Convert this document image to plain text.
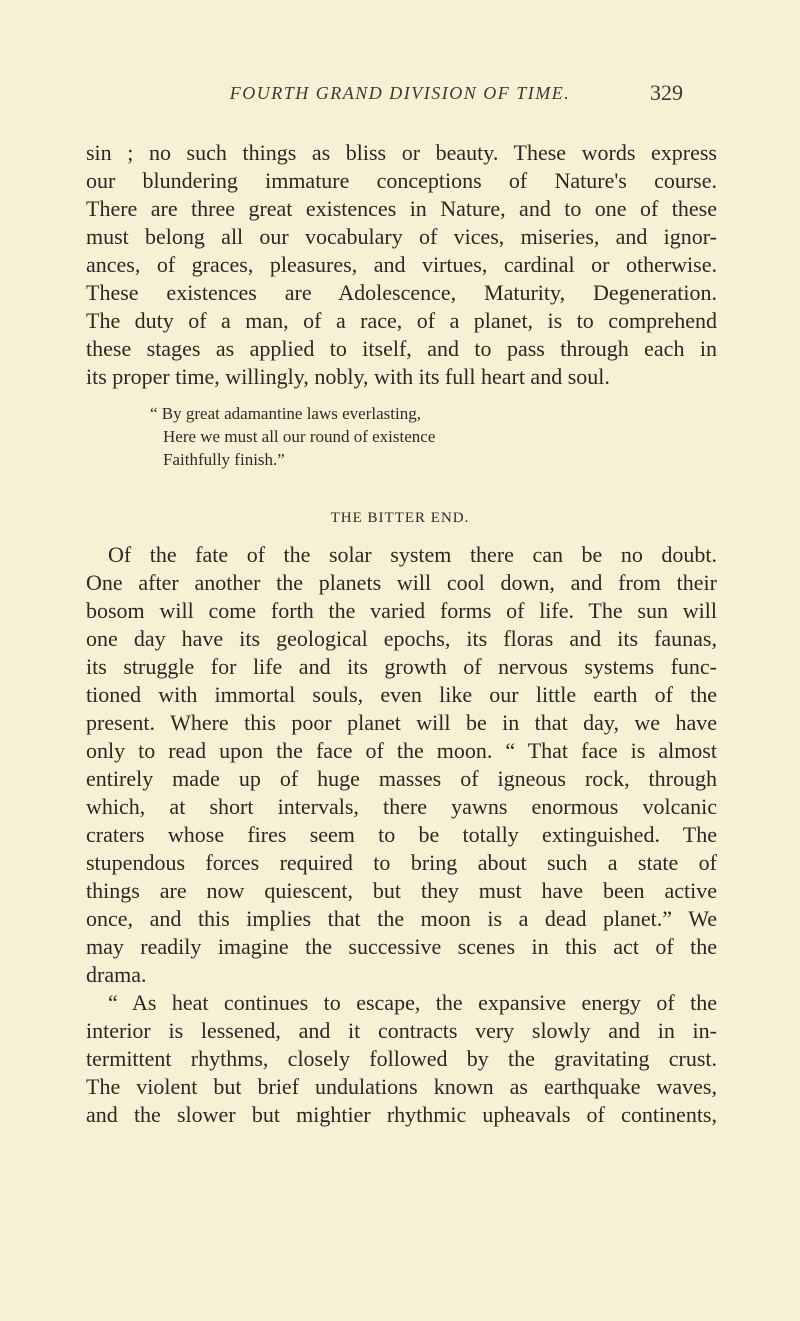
FOURTH GRAND DIVISION OF TIME.	329
sin ; no such things as bliss or beauty. These words express
our blundering immature conceptions of Nature's course.
There are three great existences in Nature, and to one of these
must belong all our vocabulary of vices, miseries, and ignor-
ances, of graces, pleasures, and virtues, cardinal or otherwise.
These existences are Adolescence, Maturity, Degeneration.
The duty of a man, of a race, of a planet, is to comprehend
these stages as applied to itself, and to pass through each in
its proper time, willingly, nobly, with its full heart and soul.
“ By great adamantine laws everlasting,
Here we must all our round of existence
Faithfully finish.”
THE BITTER END.
Of the fate of the solar system there can be no doubt.
One after another the planets will cool down, and from their
bosom will come forth the varied forms of life. The sun will
one day have its geological epochs, its floras and its faunas,
its struggle for life and its growth of nervous systems func-
tioned with immortal souls, even like our little earth of the
present. Where this poor planet will be in that day, we have
only to read upon the face of the moon. “ That face is almost
entirely made up of huge masses of igneous rock, through
which, at short intervals, there yawns enormous volcanic
craters whose fires seem to be totally extinguished. The
stupendous forces required to bring about such a state of
things are now quiescent, but they must have been active
once, and this implies that the moon is a dead planet.” We
may readily imagine the successive scenes in this act of the
drama.
“ As heat continues to escape, the expansive energy of the
interior is lessened, and it contracts very slowly and in in-
termittent rhythms, closely followed by the gravitating crust.
The violent but brief undulations known as earthquake waves,
and the slower but mightier rhythmic upheavals of continents,
